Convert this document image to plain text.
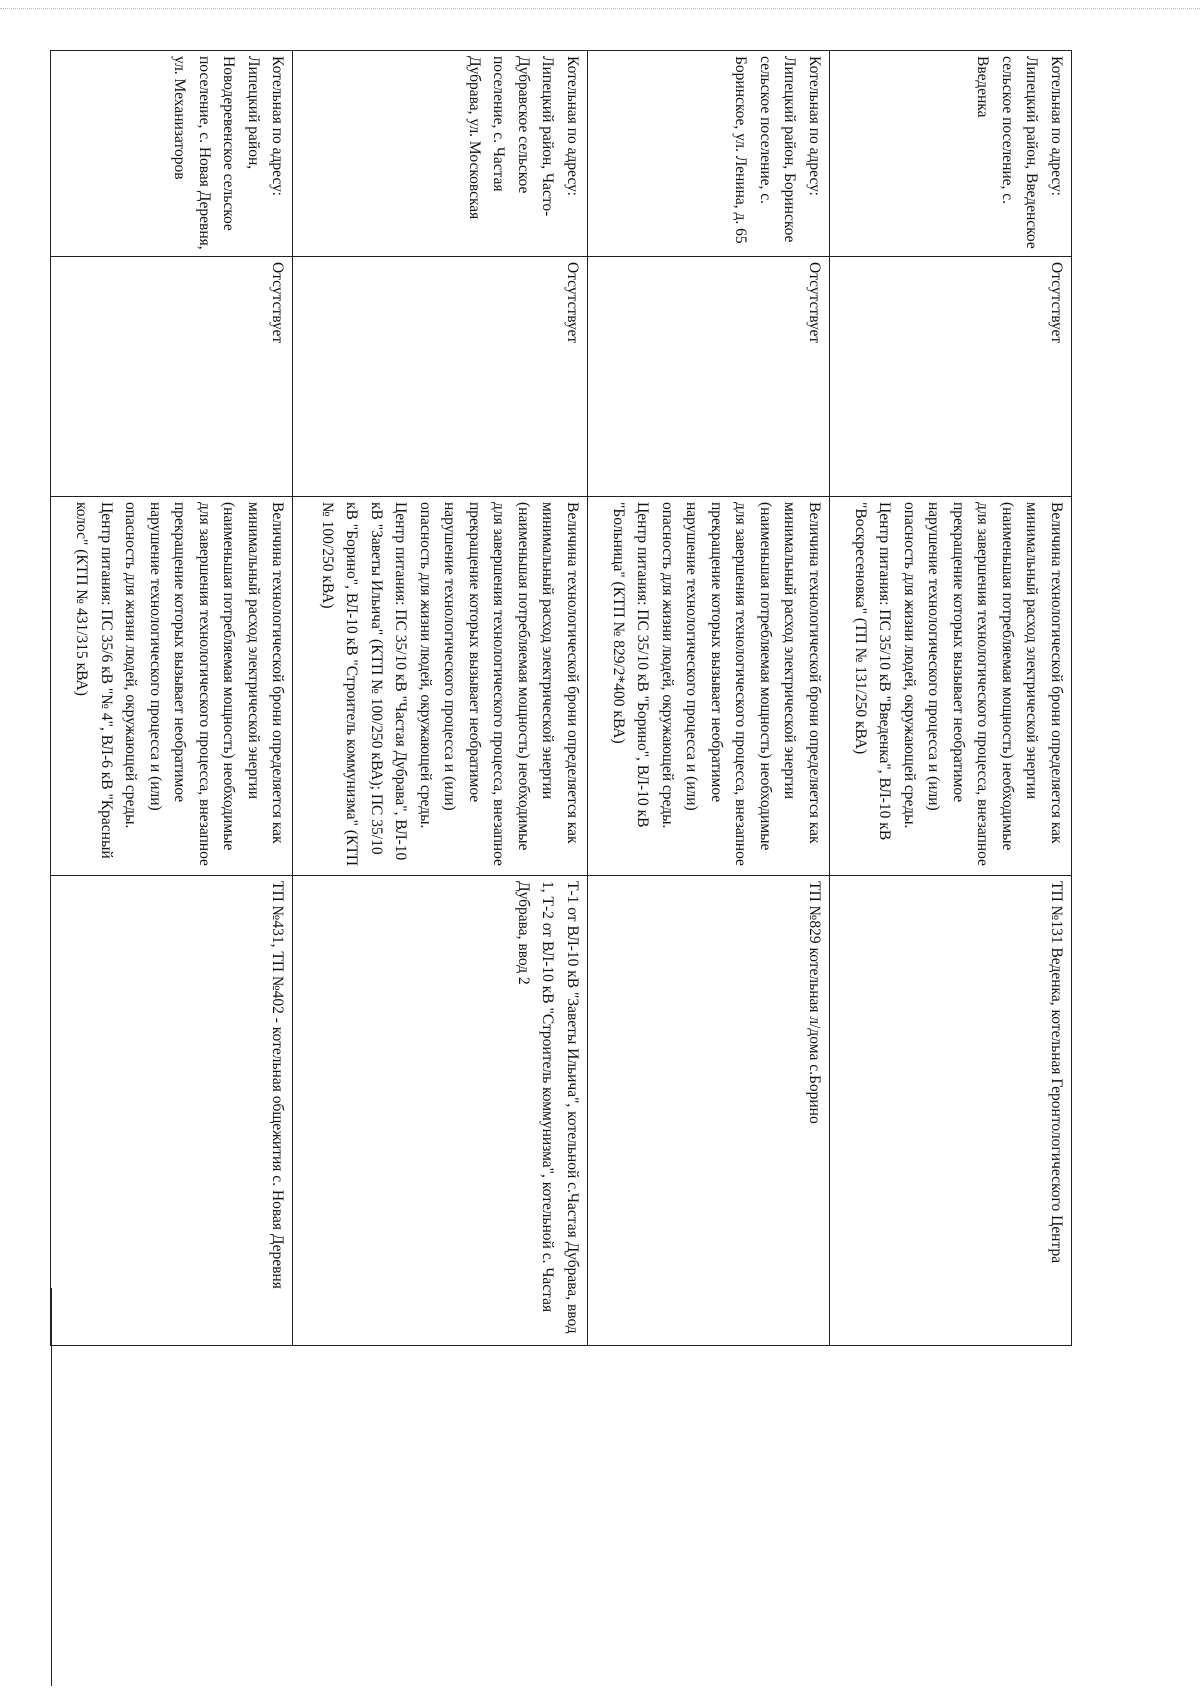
Котельная по адресу: Липецкий район, Введенское сельское поселение, с. Введенка	Отсутствует	Величина технологической брони определяется как минимальный расход электрической энергии (наименьшая потребляемая мощность) необходимые для завершения технологического процесса, внезапное прекращение которых вызывает необратимое нарушение технологического процесса и (или) опасность для жизни людей, окружающей среды. Центр питания: ПС 35/10 кВ "Введенка", ВЛ-10 кВ "Воскресеновка" (ТП № 131/250 кВА)	ТП №131 Веденка, котельная Геронтологического Центра
Котельная по адресу: Липецкий район, Боринское сельское поселение, с. Боринское, ул. Ленина, д. 65	Отсутствует	Величина технологической брони определяется как минимальный расход электрической энергии (наименьшая потребляемая мощность) необходимые для завершения технологического процесса, внезапное прекращение которых вызывает необратимое нарушение технологического процесса и (или) опасность для жизни людей, окружающей среды. Центр питания: ПС 35/10 кВ "Борино", ВЛ-10 кВ "Больница" (КТП № 829/2*400 кВА)	ТП №829 котельная л/дома с.Борино
Котельная по адресу: Липецкий район, Часто-Дубравское сельское поселение, с. Частая Дубрава, ул. Московская	Отсутствует	Величина технологической брони определяется как минимальный расход электрической энергии (наименьшая потребляемая мощность) необходимые для завершения технологического процесса, внезапное прекращение которых вызывает необратимое нарушение технологического процесса и (или) опасность для жизни людей, окружающей среды. Центр питания: ПС 35/10 кВ "Частая Дубрава", ВЛ-10 кВ "Заветы Ильича" (КТП № 100/250 кВА); ПС 35/10 кВ "Борино", ВЛ-10 кВ "Строитель коммунизма" (КТП № 100/250 кВА)	Т-1 от ВЛ-10 кВ "Заветы Ильича", котельной с.Частая Дубрава, ввод 1, Т-2 от ВЛ-10 кВ "Строитель коммунизма", котельной с. Частая Дубрава, ввод 2
Котельная по адресу: Липецкий район, Новодеревенское сельское поселение, с. Новая Деревня, ул. Механизаторов	Отсутствует	Величина технологической брони определяется как минимальный расход электрической энергии (наименьшая потребляемая мощность) необходимые для завершения технологического процесса, внезапное прекращение которых вызывает необратимое нарушение технологического процесса и (или) опасность для жизни людей, окружающей среды. Центр питания: ПС 35/6 кВ "№ 4", ВЛ-6 кВ "Красный колос" (КТП № 431/315 кВА)	ТП №431, ТП №402 - котельная общежития с. Новая Деревня
